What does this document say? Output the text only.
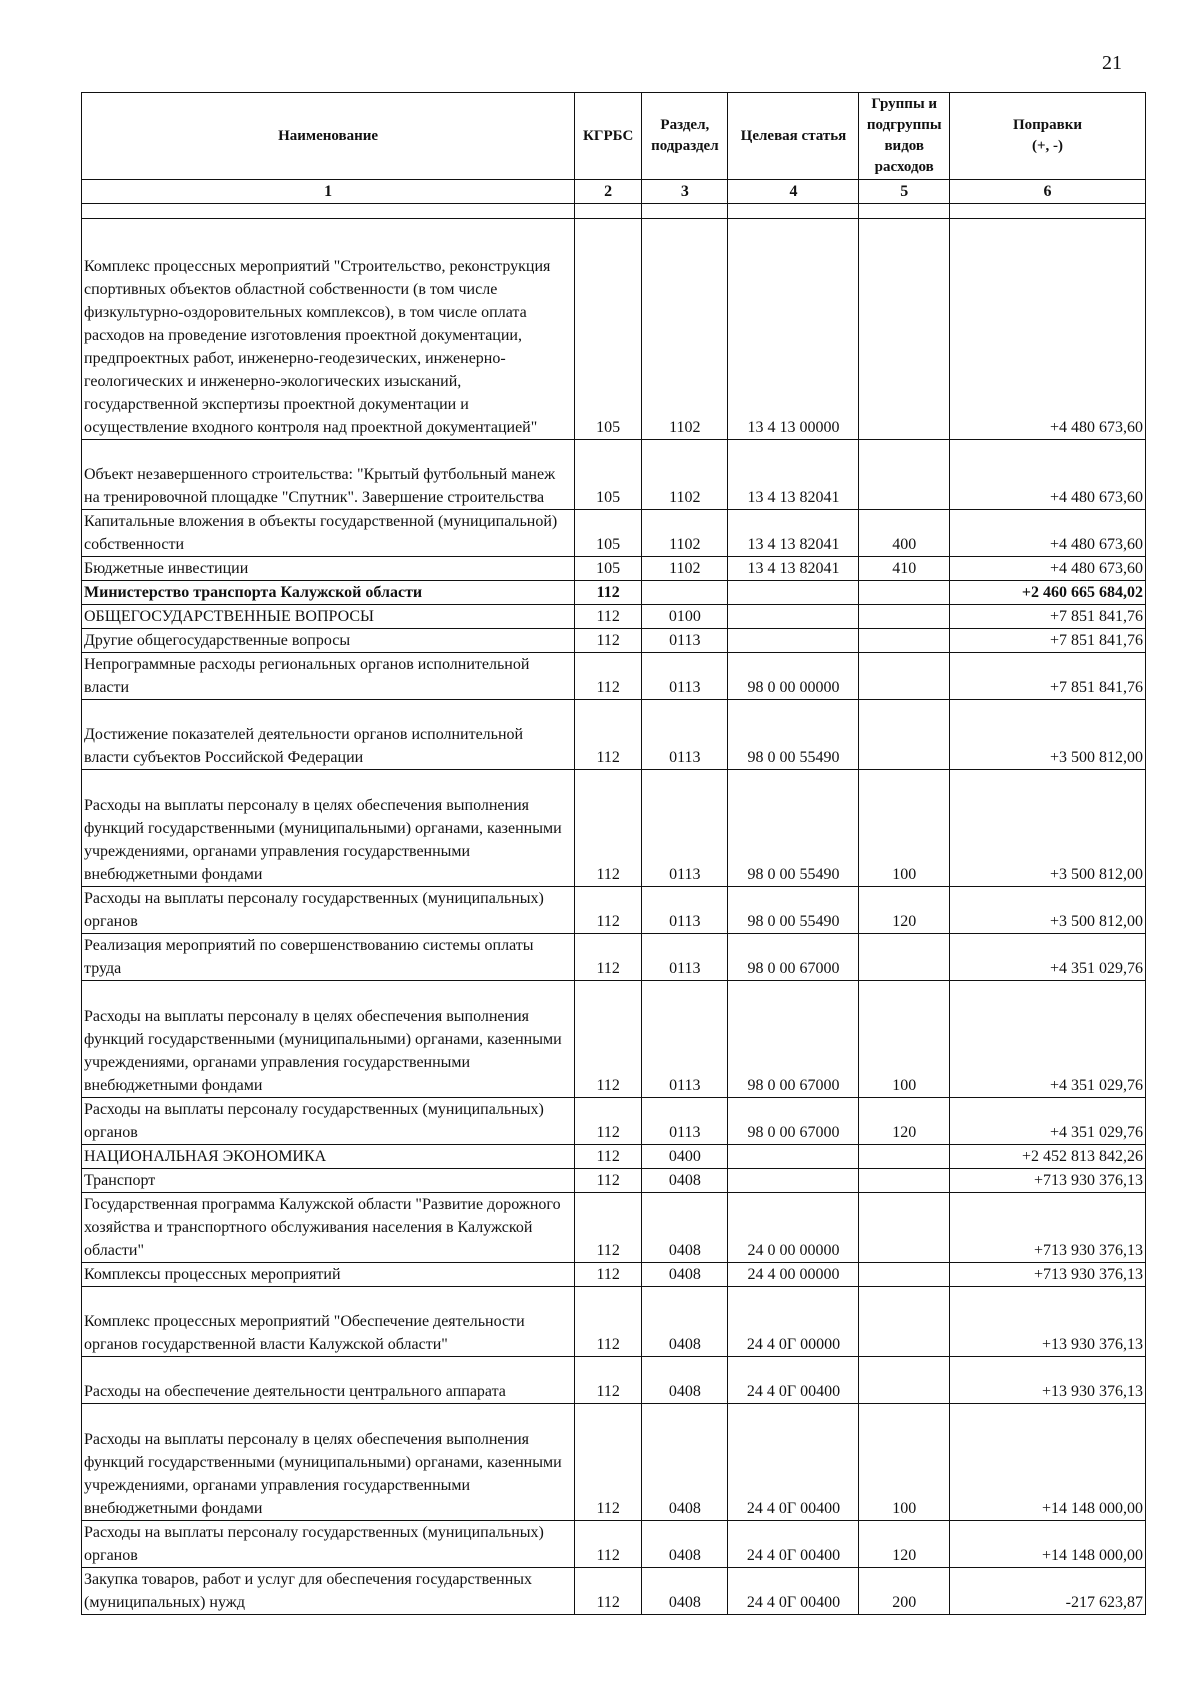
21
Наименование	КГРБС	Раздел, подраздел	Целевая статья	Группы и подгруппы видов расходов	Поправки
(+, -)
1	2	3	4	5	6

Комплекс процессных мероприятий "Строительство, реконструкция спортивных объектов областной собственности (в том числе физкультурно-оздоровительных комплексов), в том числе оплата расходов на проведение изготовления проектной документации, предпроектных работ, инженерно-геодезических, инженерно-геологических и инженерно-экологических изысканий, государственной экспертизы проектной документации и осуществление входного контроля над проектной документацией"	105	1102	13 4 13 00000		+4 480 673,60
Объект незавершенного строительства: "Крытый футбольный манеж на тренировочной площадке "Спутник". Завершение строительства	105	1102	13 4 13 82041		+4 480 673,60
Капитальные вложения в объекты государственной (муниципальной) собственности	105	1102	13 4 13 82041	400	+4 480 673,60
Бюджетные инвестиции	105	1102	13 4 13 82041	410	+4 480 673,60
Министерство транспорта Калужской области	112				+2 460 665 684,02
ОБЩЕГОСУДАРСТВЕННЫЕ ВОПРОСЫ	112	0100			+7 851 841,76
Другие общегосударственные вопросы	112	0113			+7 851 841,76
Непрограммные расходы региональных органов исполнительной власти	112	0113	98 0 00 00000		+7 851 841,76
Достижение показателей деятельности органов исполнительной власти субъектов Российской Федерации	112	0113	98 0 00 55490		+3 500 812,00
Расходы на выплаты персоналу в целях обеспечения выполнения функций государственными (муниципальными) органами, казенными учреждениями, органами управления государственными внебюджетными фондами	112	0113	98 0 00 55490	100	+3 500 812,00
Расходы на выплаты персоналу государственных (муниципальных) органов	112	0113	98 0 00 55490	120	+3 500 812,00
Реализация мероприятий по совершенствованию системы оплаты труда	112	0113	98 0 00 67000		+4 351 029,76
Расходы на выплаты персоналу в целях обеспечения выполнения функций государственными (муниципальными) органами, казенными учреждениями, органами управления государственными внебюджетными фондами	112	0113	98 0 00 67000	100	+4 351 029,76
Расходы на выплаты персоналу государственных (муниципальных) органов	112	0113	98 0 00 67000	120	+4 351 029,76
НАЦИОНАЛЬНАЯ ЭКОНОМИКА	112	0400			+2 452 813 842,26
Транспорт	112	0408			+713 930 376,13
Государственная программа Калужской области "Развитие дорожного хозяйства и транспортного обслуживания населения в Калужской области"	112	0408	24 0 00 00000		+713 930 376,13
Комплексы процессных мероприятий	112	0408	24 4 00 00000		+713 930 376,13
Комплекс процессных мероприятий "Обеспечение деятельности органов государственной власти Калужской области"	112	0408	24 4 0Г 00000		+13 930 376,13
Расходы на обеспечение деятельности центрального аппарата	112	0408	24 4 0Г 00400		+13 930 376,13
Расходы на выплаты персоналу в целях обеспечения выполнения функций государственными (муниципальными) органами, казенными учреждениями, органами управления государственными внебюджетными фондами	112	0408	24 4 0Г 00400	100	+14 148 000,00
Расходы на выплаты персоналу государственных (муниципальных) органов	112	0408	24 4 0Г 00400	120	+14 148 000,00
Закупка товаров, работ и услуг для обеспечения государственных (муниципальных) нужд	112	0408	24 4 0Г 00400	200	-217 623,87
